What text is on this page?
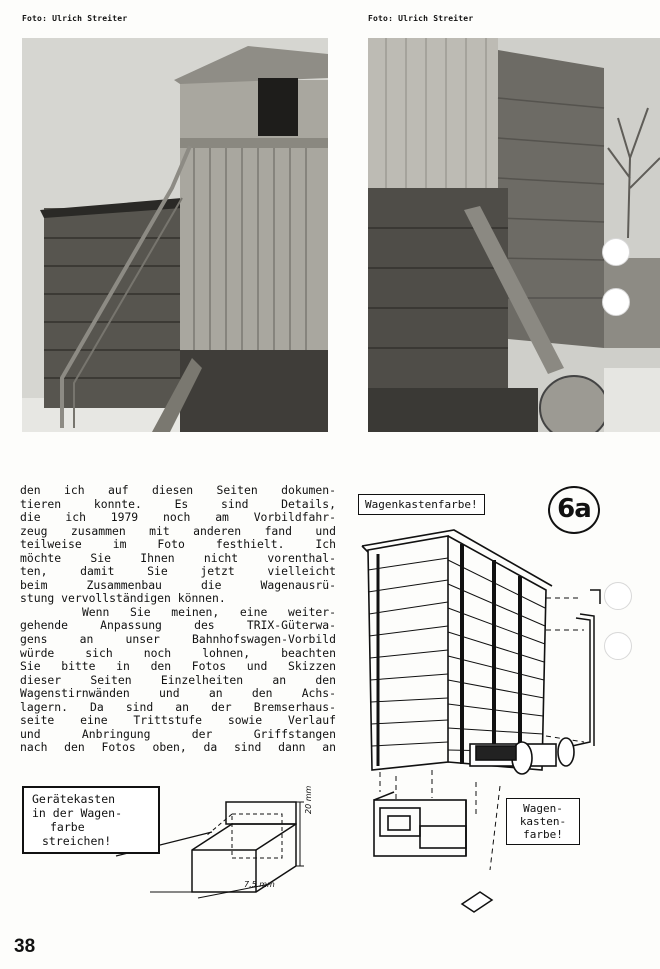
Foto: Ulrich Streiter	Foto: Ulrich Streiter
den ich auf diesen Seiten dokumen-
tieren konnte. Es sind Details,
die ich 1979 noch am Vorbildfahr-
zeug zusammen mit anderen fand und
teilweise im Foto festhielt. Ich
möchte Sie Ihnen nicht vorenthal-
ten, damit Sie jetzt vielleicht
beim Zusammenbau die Wagenausrü-
stung vervollständigen können.
Wenn Sie meinen, eine weiter-
gehende Anpassung des TRIX-Güterwa-
gens an unser Bahnhofswagen-Vorbild
würde sich noch lohnen, beachten
Sie bitte in den Fotos und Skizzen
dieser Seiten Einzelheiten an den
Wagenstirnwänden und an den Achs-
lagern. Da sind an der Bremserhaus-
seite eine Trittstufe sowie Verlauf
und Anbringung der Griffstangen
nach den Fotos oben, da sind dann an
6a
Wagenkastenfarbe!
Wagen-
kasten-
farbe!
Gerätekasten
in der Wagen-
farbe
streichen!
20 mm
7,5 mm
38
